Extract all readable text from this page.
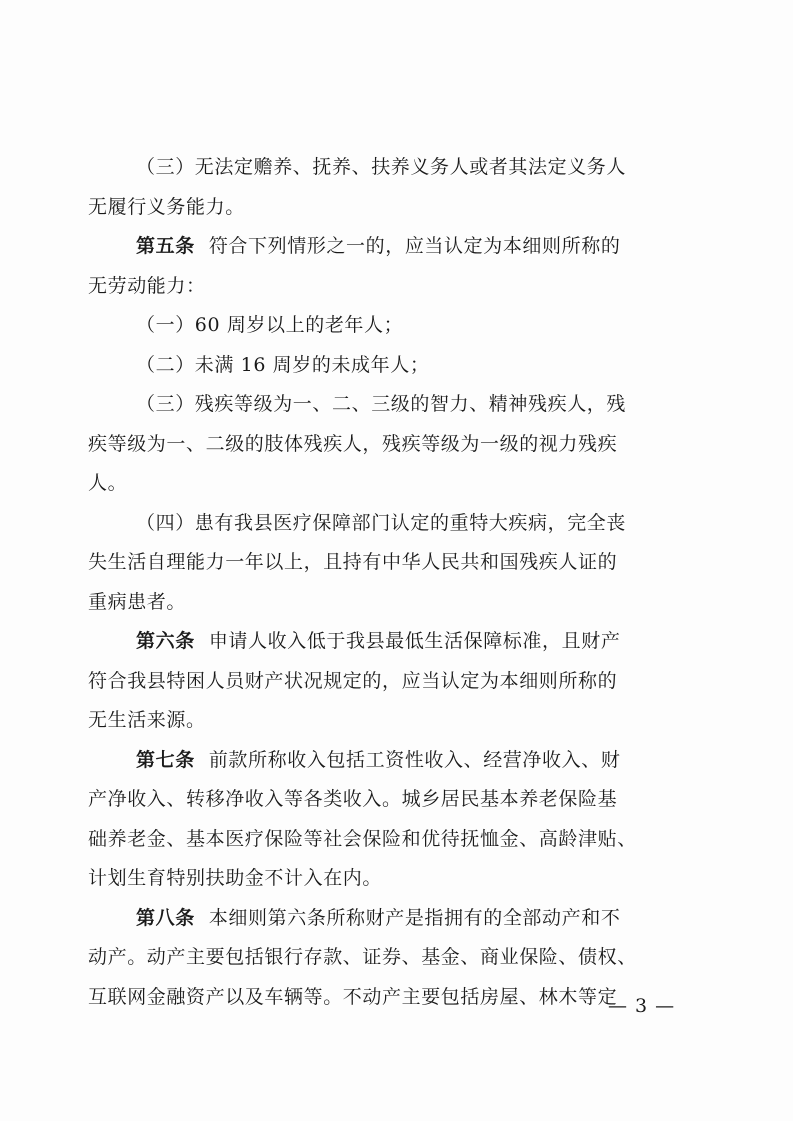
（三）无法定赡养、抚养、扶养义务人或者其法定义务人
无履行义务能力。
第五条 符合下列情形之一的，应当认定为本细则所称的
无劳动能力：
（一）60 周岁以上的老年人；
（二）未满 16 周岁的未成年人；
（三）残疾等级为一、二、三级的智力、精神残疾人，残
疾等级为一、二级的肢体残疾人，残疾等级为一级的视力残疾
人。
（四）患有我县医疗保障部门认定的重特大疾病，完全丧
失生活自理能力一年以上，且持有中华人民共和国残疾人证的
重病患者。
第六条 申请人收入低于我县最低生活保障标准，且财产
符合我县特困人员财产状况规定的，应当认定为本细则所称的
无生活来源。
第七条 前款所称收入包括工资性收入、经营净收入、财
产净收入、转移净收入等各类收入。城乡居民基本养老保险基
础养老金、基本医疗保险等社会保险和优待抚恤金、高龄津贴、
计划生育特别扶助金不计入在内。
第八条 本细则第六条所称财产是指拥有的全部动产和不
动产。动产主要包括银行存款、证券、基金、商业保险、债权、
互联网金融资产以及车辆等。不动产主要包括房屋、林木等定
— 3 —
